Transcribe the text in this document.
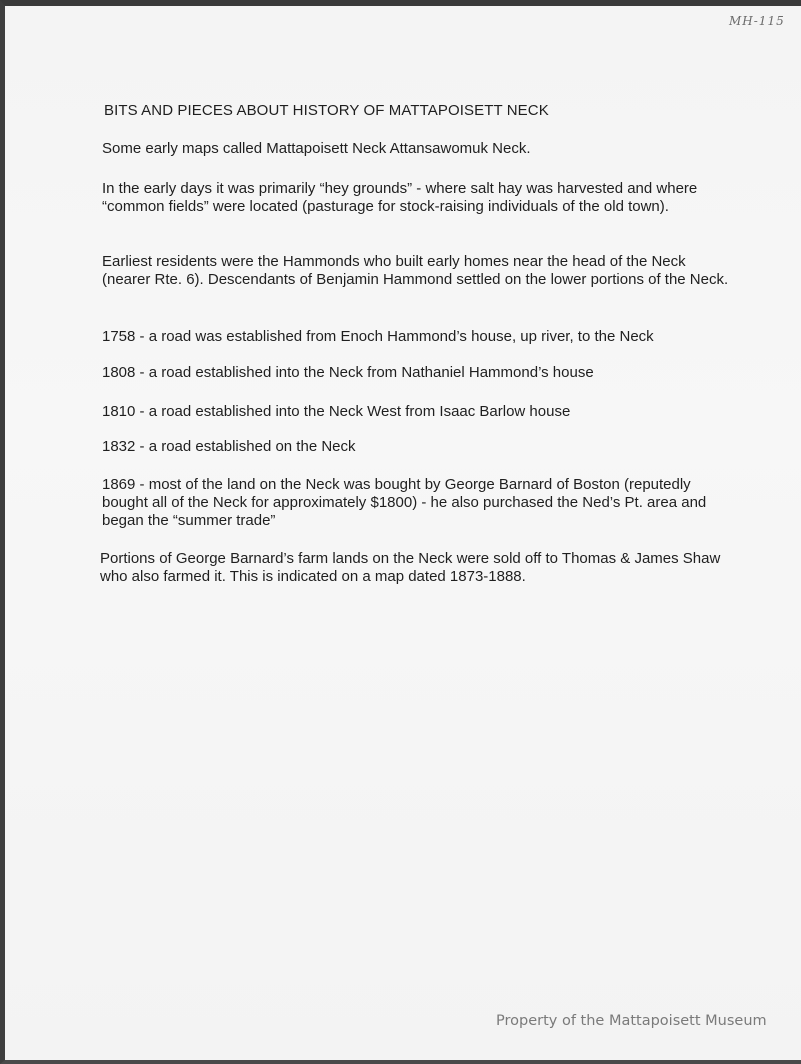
MH-115
BITS AND PIECES ABOUT HISTORY OF MATTAPOISETT NECK
Some early maps called Mattapoisett Neck Attansawomuk Neck.
In the early days it was primarily “hey grounds” - where salt hay was harvested and where “common fields” were located (pasturage for stock-raising individuals of the old town).
Earliest residents were the Hammonds who built early homes near the head of the Neck (nearer Rte. 6). Descendants of Benjamin Hammond settled on the lower portions of the Neck.
1758 - a road was established from Enoch Hammond’s house, up river, to the Neck
1808 - a road established into the Neck from Nathaniel Hammond’s house
1810 - a road established into the Neck West from Isaac Barlow house
1832 - a road established on the Neck
1869 - most of the land on the Neck was bought by George Barnard of Boston (reputedly bought all of the Neck for approximately $1800) - he also purchased the Ned’s Pt. area and began the “summer trade”
Portions of George Barnard’s farm lands on the Neck were sold off to Thomas & James Shaw who also farmed it. This is indicated on a map dated 1873-1888.
Property of the Mattapoisett Museum
